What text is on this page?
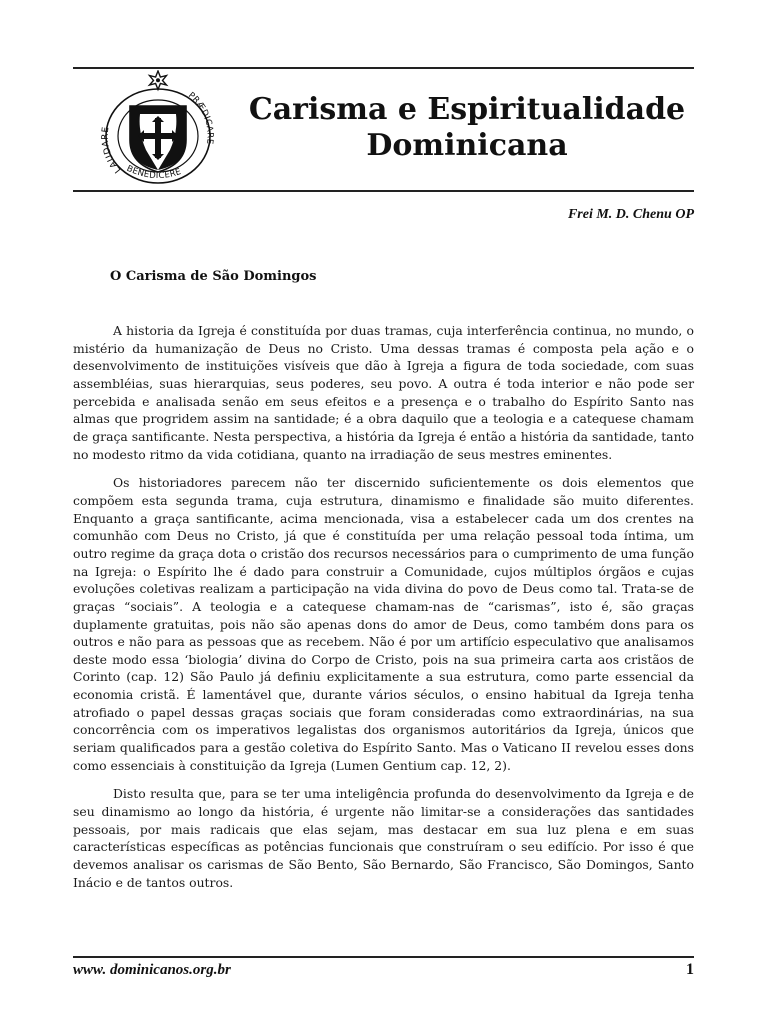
LAUDARE
PRÆDICARE
BENEDICERE
Carisma e Espiritualidade
Dominicana

Frei M. D. Chenu OP

O Carisma de São Domingos

A historia da Igreja é constituída por duas tramas, cuja interferência continua, no mundo, o mistério da humanização de Deus no Cristo. Uma dessas tramas é composta pela ação e o desenvolvimento de instituições visíveis que dão à Igreja a figura de toda sociedade, com suas assembléias, suas hierarquias, seus poderes, seu povo. A outra é toda interior e não pode ser percebida e analisada senão em seus efeitos e a presença e o trabalho do Espírito Santo nas almas que progridem assim na santidade; é a obra daquilo que a teologia e a catequese chamam de graça santificante. Nesta perspectiva, a história da Igreja é então a história da santidade, tanto no modesto ritmo da vida cotidiana, quanto na irradiação de seus mestres eminentes.

Os historiadores parecem não ter discernido suficientemente os dois elementos que compõem esta segunda trama, cuja estrutura, dinamismo e finalidade são muito diferentes. Enquanto a graça santificante, acima mencionada, visa a estabelecer cada um dos crentes na comunhão com Deus no Cristo, já que é constituída per uma relação pessoal toda íntima, um outro regime da graça dota o cristão dos recursos necessários para o cumprimento de uma função na Igreja: o Espírito lhe é dado para construir a Comunidade, cujos múltiplos órgãos e cujas evoluções coletivas realizam a participação na vida divina do povo de Deus como tal. Trata-se de graças “sociais”. A teologia e a catequese chamam-nas de “carismas”, isto é, são graças duplamente gratuitas, pois não são apenas dons do amor de Deus, como também dons para os outros e não para as pessoas que as recebem. Não é por um artifício especulativo que analisamos deste modo essa ‘biologia’ divina do Corpo de Cristo, pois na sua primeira carta aos cristãos de Corinto (cap. 12) São Paulo já definiu explicitamente a sua estrutura, como parte essencial da economia cristã. É lamentável que, durante vários séculos, o ensino habitual da Igreja tenha atrofiado o papel dessas graças sociais que foram consideradas como extraordinárias, na sua concorrência com os imperativos legalistas dos organismos autoritários da Igreja, únicos que seriam qualificados para a gestão coletiva do Espírito Santo. Mas o Vaticano II revelou esses dons como essenciais à constituição da Igreja (Lumen Gentium cap. 12, 2).

Disto resulta que, para se ter uma inteligência profunda do desenvolvimento da Igreja e de seu dinamismo ao longo da história, é urgente não limitar-se a considerações das santidades pessoais, por mais radicais que elas sejam, mas destacar em sua luz plena e em suas características específicas as potências funcionais que construíram o seu edifício. Por isso é que devemos analisar os carismas de São Bento, São Bernardo, São Francisco, São Domingos, Santo Inácio e de tantos outros.

www. dominicanos.org.br	1
